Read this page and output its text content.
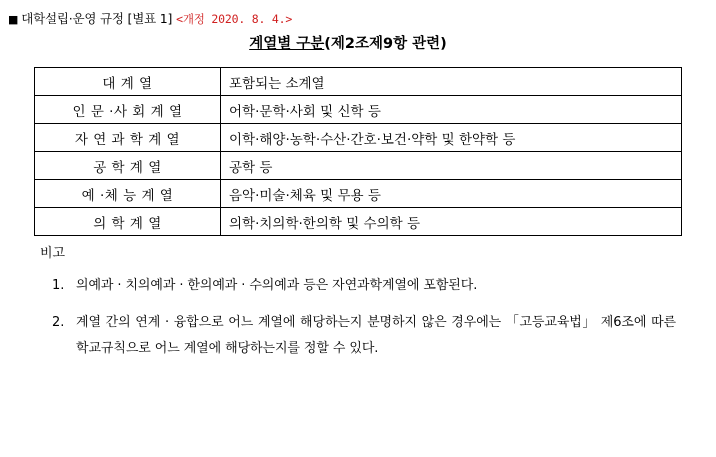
■ 대학설립·운영 규정 [별표 1] <개정 2020. 8. 4.>
계열별 구분(제2조제9항 관련)
대 계 열	포함되는 소계열
인 문 ·사 회 계 열	어학·문학·사회 및 신학 등
자 연 과 학 계 열	이학·해양·농학·수산·간호·보건·약학 및 한약학 등
공 학 계 열	공학 등
예 ·체 능 계 열	음악·미술·체육 및 무용 등
의 학 계 열	의학·치의학·한의학 및 수의학 등
비고
1. 의예과 · 치의예과 · 한의예과 · 수의예과 등은 자연과학계열에 포함된다.
2. 계열 간의 연계 · 융합으로 어느 계열에 해당하는지 분명하지 않은 경우에는 「고등교육법」 제6조에 따른 학교규칙으로 어느 계열에 해당하는지를 정할 수 있다.
